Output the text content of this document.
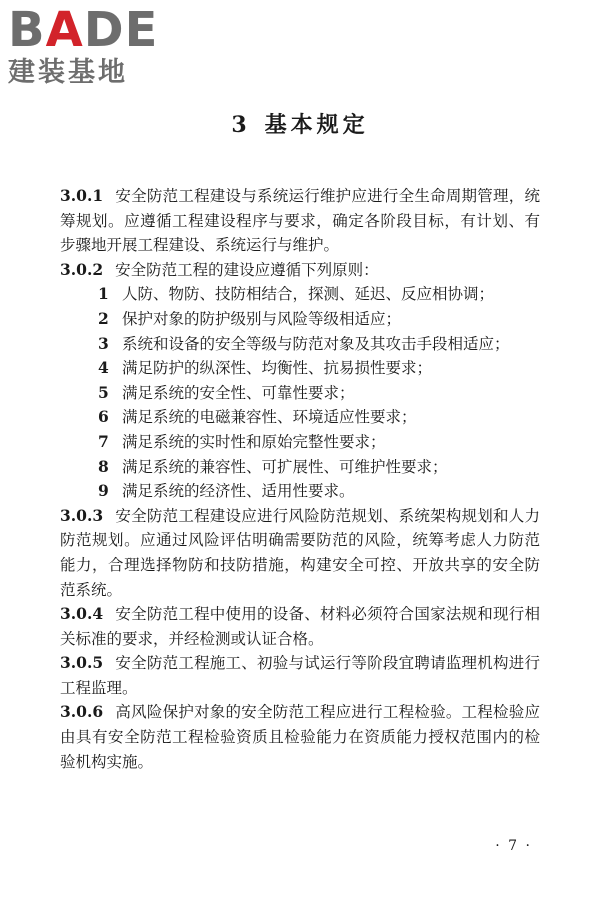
BADE
建装基地
3 基本规定

3.0.1 安全防范工程建设与系统运行维护应进行全生命周期管理，统筹规划。应遵循工程建设程序与要求，确定各阶段目标，有计划、有步骤地开展工程建设、系统运行与维护。

3.0.2 安全防范工程的建设应遵循下列原则：

1 人防、物防、技防相结合，探测、延迟、反应相协调；

2 保护对象的防护级别与风险等级相适应；

3 系统和设备的安全等级与防范对象及其攻击手段相适应；

4 满足防护的纵深性、均衡性、抗易损性要求；

5 满足系统的安全性、可靠性要求；

6 满足系统的电磁兼容性、环境适应性要求；

7 满足系统的实时性和原始完整性要求；

8 满足系统的兼容性、可扩展性、可维护性要求；

9 满足系统的经济性、适用性要求。

3.0.3 安全防范工程建设应进行风险防范规划、系统架构规划和人力防范规划。应通过风险评估明确需要防范的风险，统筹考虑人力防范能力，合理选择物防和技防措施，构建安全可控、开放共享的安全防范系统。

3.0.4 安全防范工程中使用的设备、材料必须符合国家法规和现行相关标准的要求，并经检测或认证合格。

3.0.5 安全防范工程施工、初验与试运行等阶段宜聘请监理机构进行工程监理。

3.0.6 高风险保护对象的安全防范工程应进行工程检验。工程检验应由具有安全防范工程检验资质且检验能力在资质能力授权范围内的检验机构实施。

· 7 ·
